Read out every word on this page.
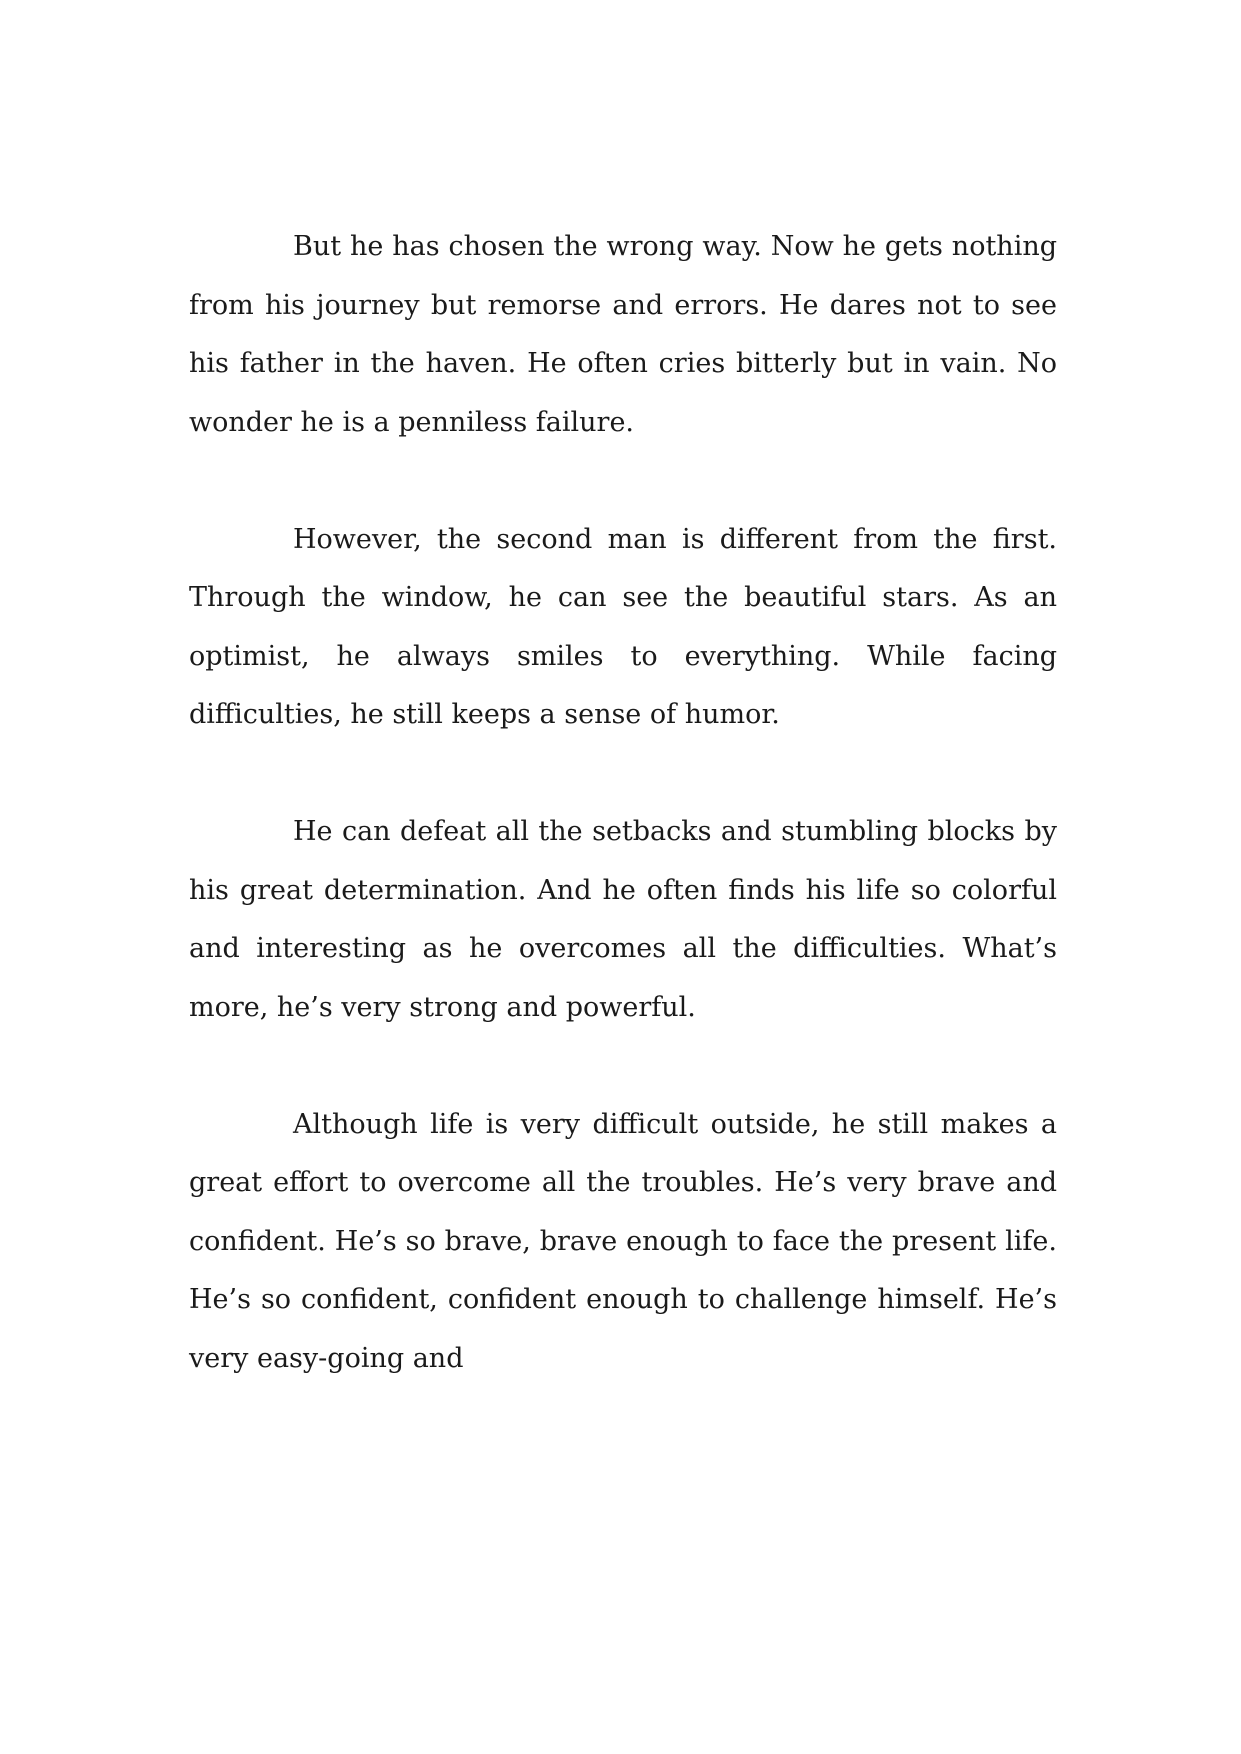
But he has chosen the wrong way. Now he gets nothing from his journey but remorse and errors. He dares not to see his father in the haven. He often cries bitterly but in vain. No wonder he is a penniless failure.

However, the second man is different from the first. Through the window, he can see the beautiful stars. As an optimist, he always smiles to everything. While facing difficulties, he still keeps a sense of humor.

He can defeat all the setbacks and stumbling blocks by his great determination. And he often finds his life so colorful and interesting as he overcomes all the difficulties. What’s more, he’s very strong and powerful.

Although life is very difficult outside, he still makes a great effort to overcome all the troubles. He’s very brave and confident. He’s so brave, brave enough to face the present life. He’s so confident, confident enough to challenge himself. He’s very easy-going and
